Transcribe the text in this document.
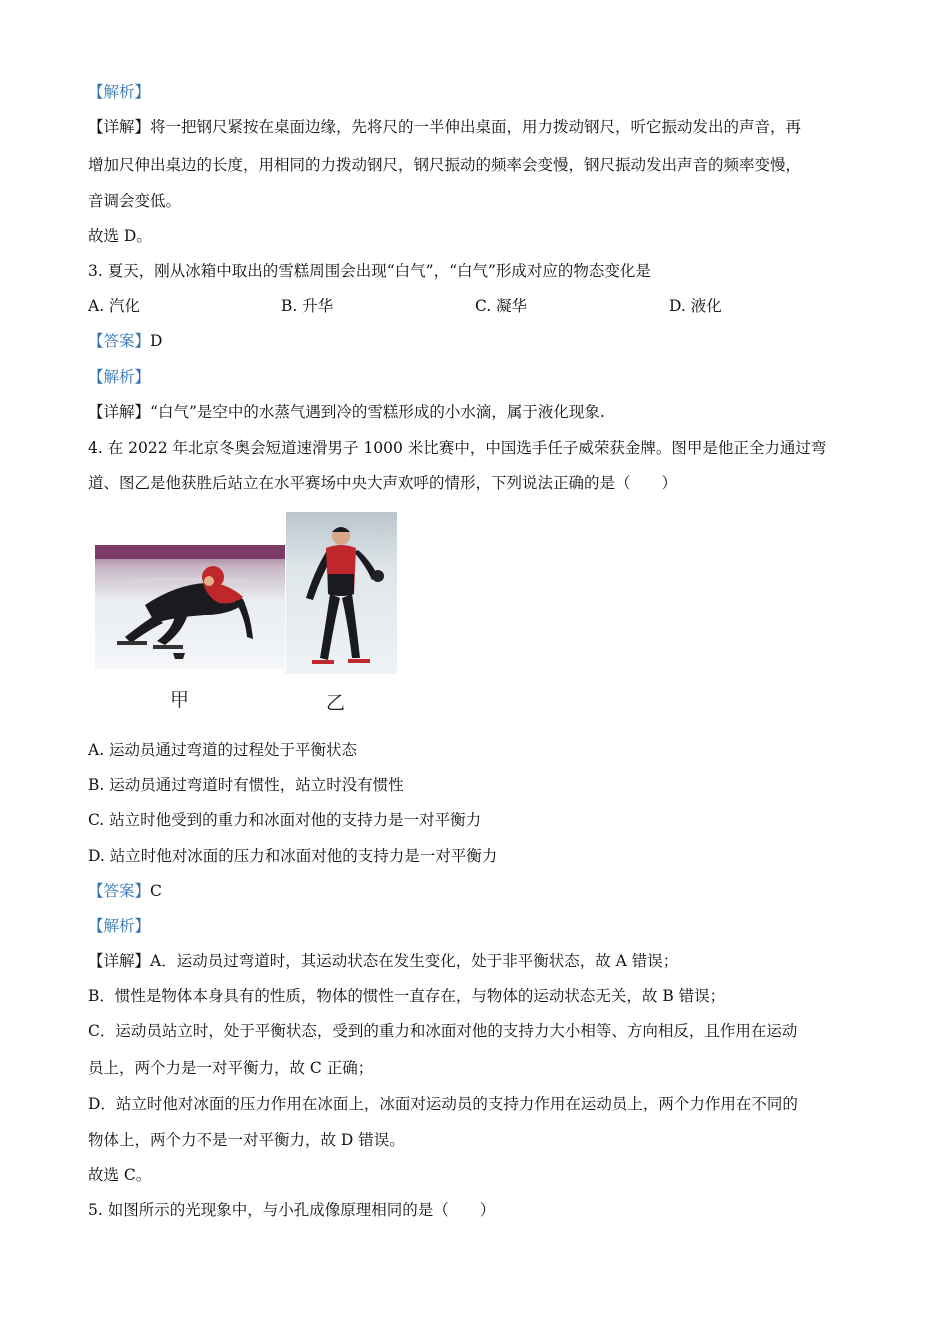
【解析】
【详解】将一把钢尺紧按在桌面边缘，先将尺的一半伸出桌面，用力拨动钢尺，听它振动发出的声音，再
增加尺伸出桌边的长度，用相同的力拨动钢尺，钢尺振动的频率会变慢，钢尺振动发出声音的频率变慢，
音调会变低。
故选 D。
3. 夏天，刚从冰箱中取出的雪糕周围会出现“白气”，“白气”形成对应的物态变化是
A. 汽化	B. 升华	C. 凝华	D. 液化
【答案】D
【解析】
【详解】“白气”是空中的水蒸气遇到冷的雪糕形成的小水滴，属于液化现象.
4. 在 2022 年北京冬奥会短道速滑男子 1000 米比赛中，中国选手任子威荣获金牌。图甲是他正全力通过弯
道、图乙是他获胜后站立在水平赛场中央大声欢呼的情形，下列说法正确的是（　　）
甲	乙
A. 运动员通过弯道的过程处于平衡状态
B. 运动员通过弯道时有惯性，站立时没有惯性
C. 站立时他受到的重力和冰面对他的支持力是一对平衡力
D. 站立时他对冰面的压力和冰面对他的支持力是一对平衡力
【答案】C
【解析】
【详解】A．运动员过弯道时，其运动状态在发生变化，处于非平衡状态，故 A 错误；
B．惯性是物体本身具有的性质，物体的惯性一直存在，与物体的运动状态无关，故 B 错误；
C．运动员站立时，处于平衡状态，受到的重力和冰面对他的支持力大小相等、方向相反，且作用在运动
员上，两个力是一对平衡力，故 C 正确；
D．站立时他对冰面的压力作用在冰面上，冰面对运动员的支持力作用在运动员上，两个力作用在不同的
物体上，两个力不是一对平衡力，故 D 错误。
故选 C。
5. 如图所示的光现象中，与小孔成像原理相同的是（　　）
